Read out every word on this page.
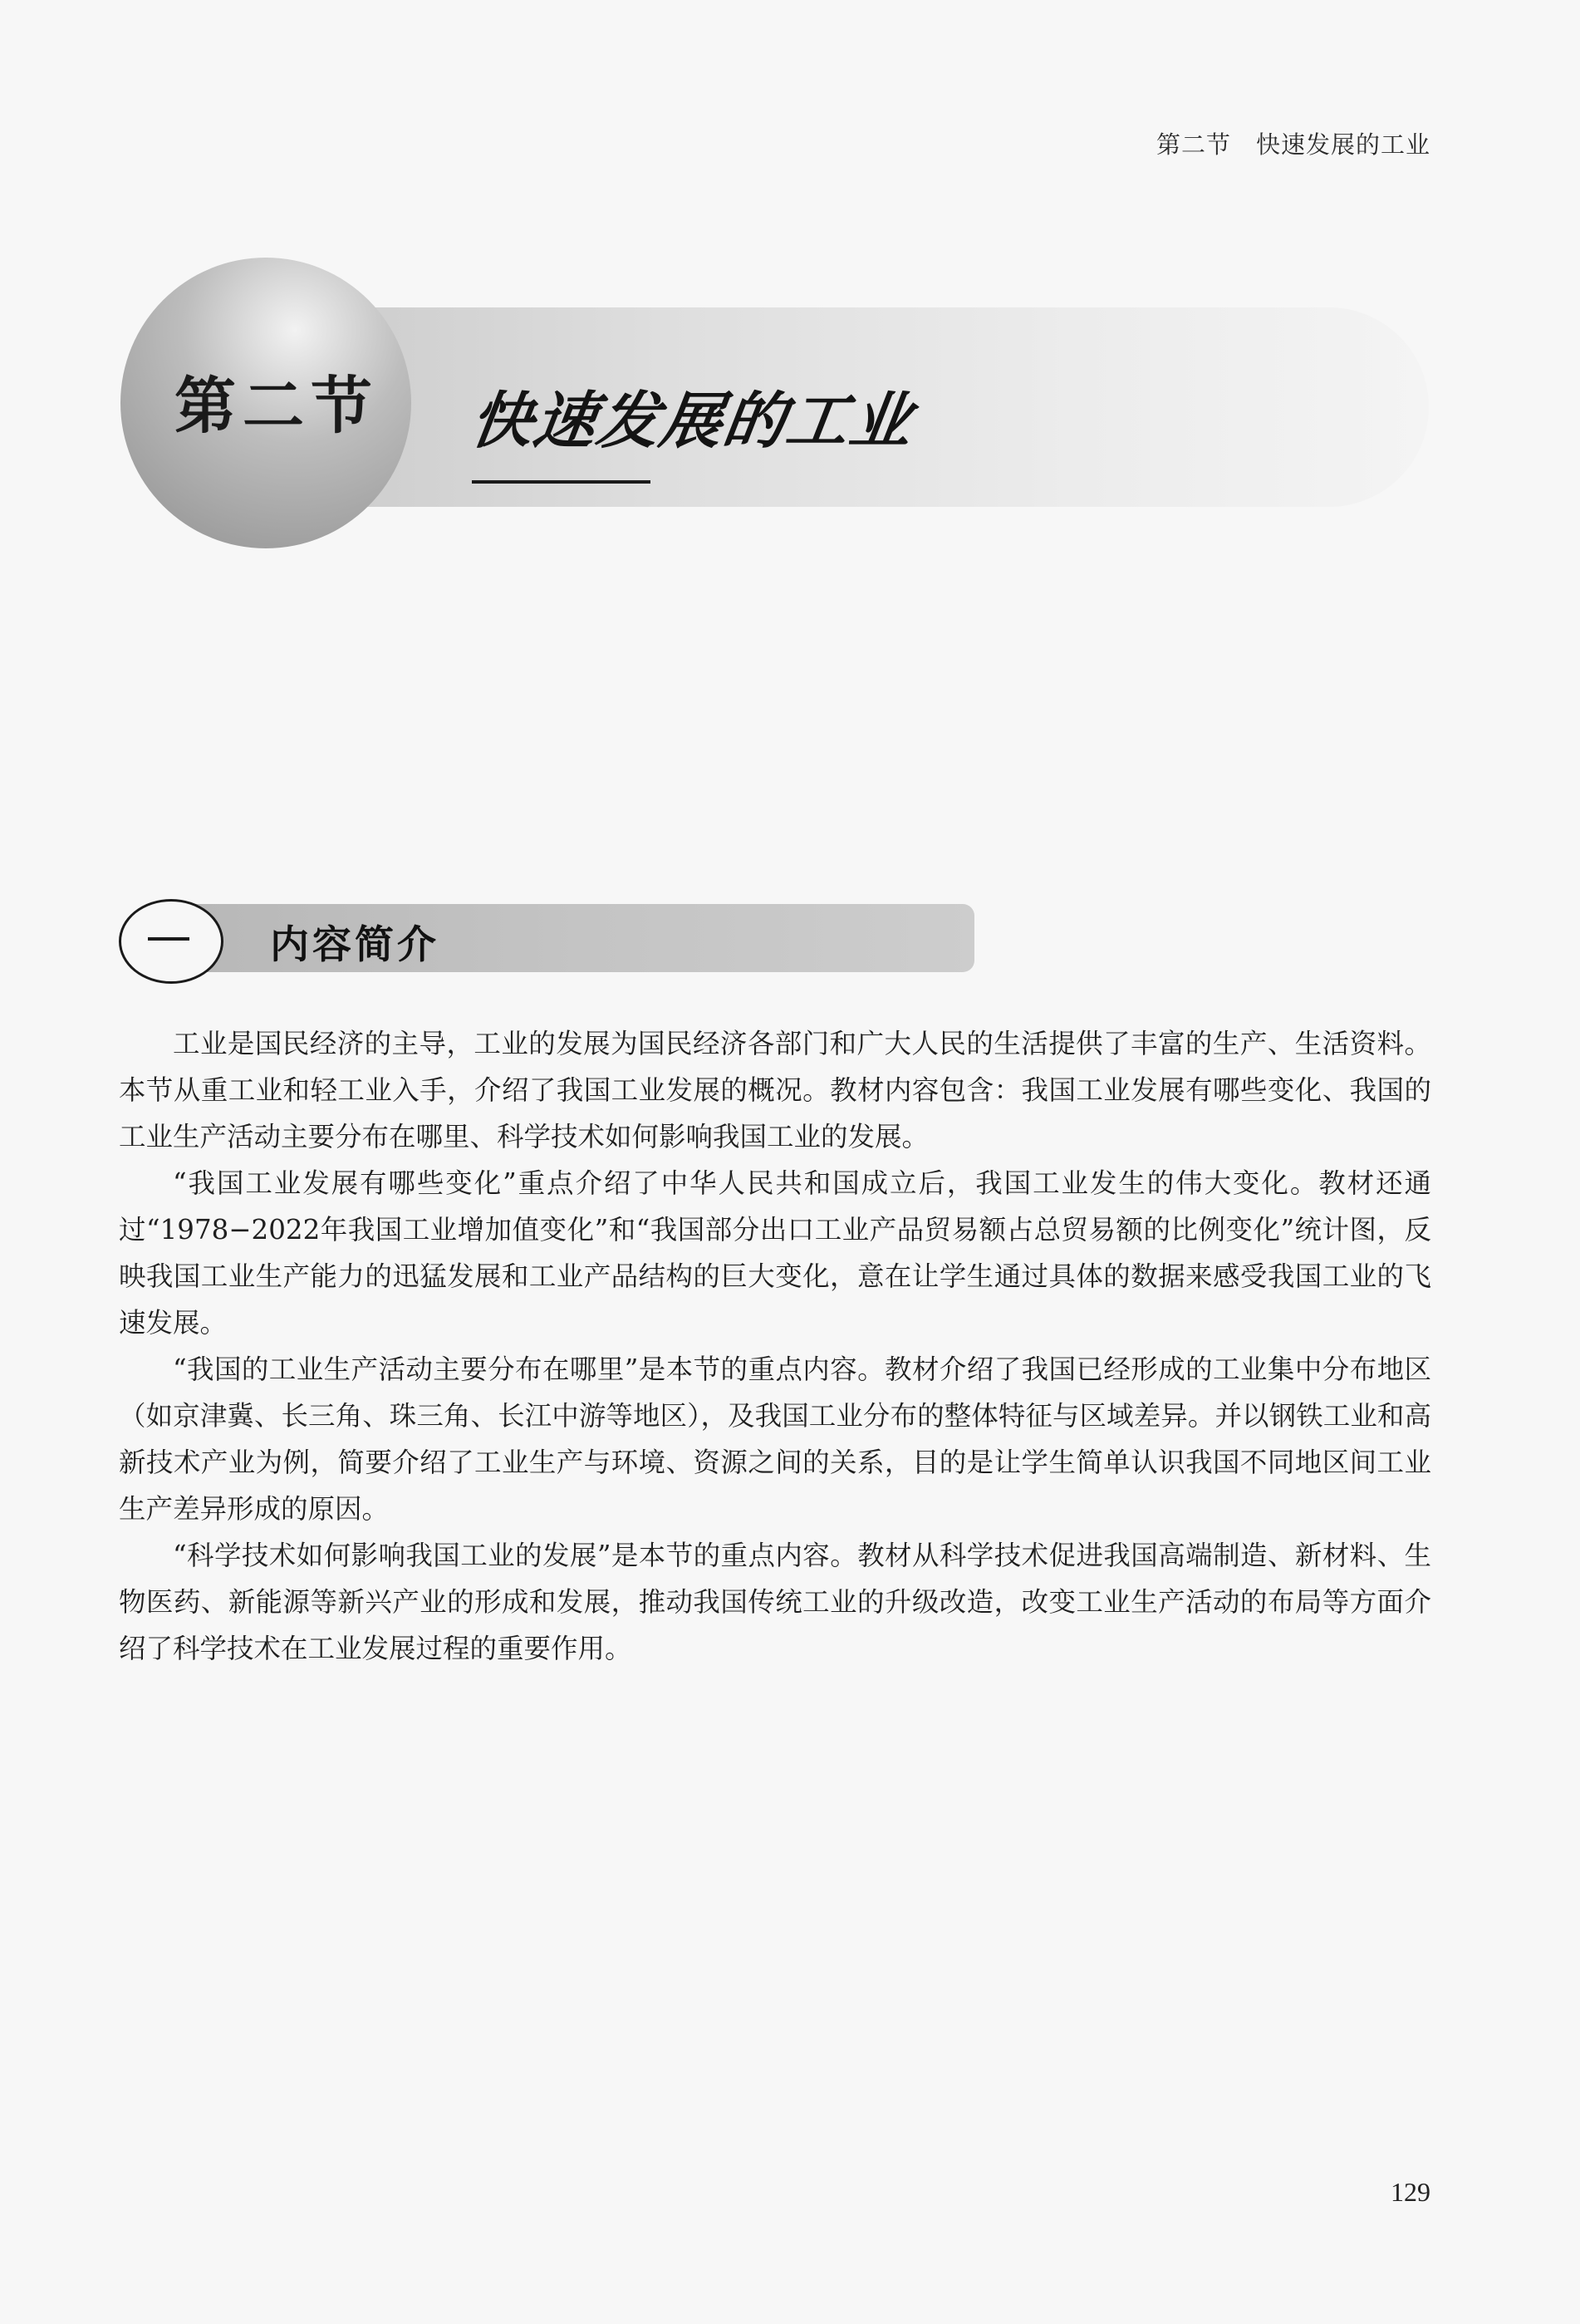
第二节 快速发展的工业
第二节 快速发展的工业
内容简介

工业是国民经济的主导，工业的发展为国民经济各部门和广大人民的生活提供了丰富的生产、生活资料。本节从重工业和轻工业入手，介绍了我国工业发展的概况。教材内容包含：我国工业发展有哪些变化、我国的工业生产活动主要分布在哪里、科学技术如何影响我国工业的发展。

“我国工业发展有哪些变化”重点介绍了中华人民共和国成立后，我国工业发生的伟大变化。教材还通过“1978−2022年我国工业增加值变化”和“我国部分出口工业产品贸易额占总贸易额的比例变化”统计图，反映我国工业生产能力的迅猛发展和工业产品结构的巨大变化，意在让学生通过具体的数据来感受我国工业的飞速发展。

“我国的工业生产活动主要分布在哪里”是本节的重点内容。教材介绍了我国已经形成的工业集中分布地区（如京津冀、长三角、珠三角、长江中游等地区），及我国工业分布的整体特征与区域差异。并以钢铁工业和高新技术产业为例，简要介绍了工业生产与环境、资源之间的关系，目的是让学生简单认识我国不同地区间工业生产差异形成的原因。

“科学技术如何影响我国工业的发展”是本节的重点内容。教材从科学技术促进我国高端制造、新材料、生物医药、新能源等新兴产业的形成和发展，推动我国传统工业的升级改造，改变工业生产活动的布局等方面介绍了科学技术在工业发展过程的重要作用。

129
